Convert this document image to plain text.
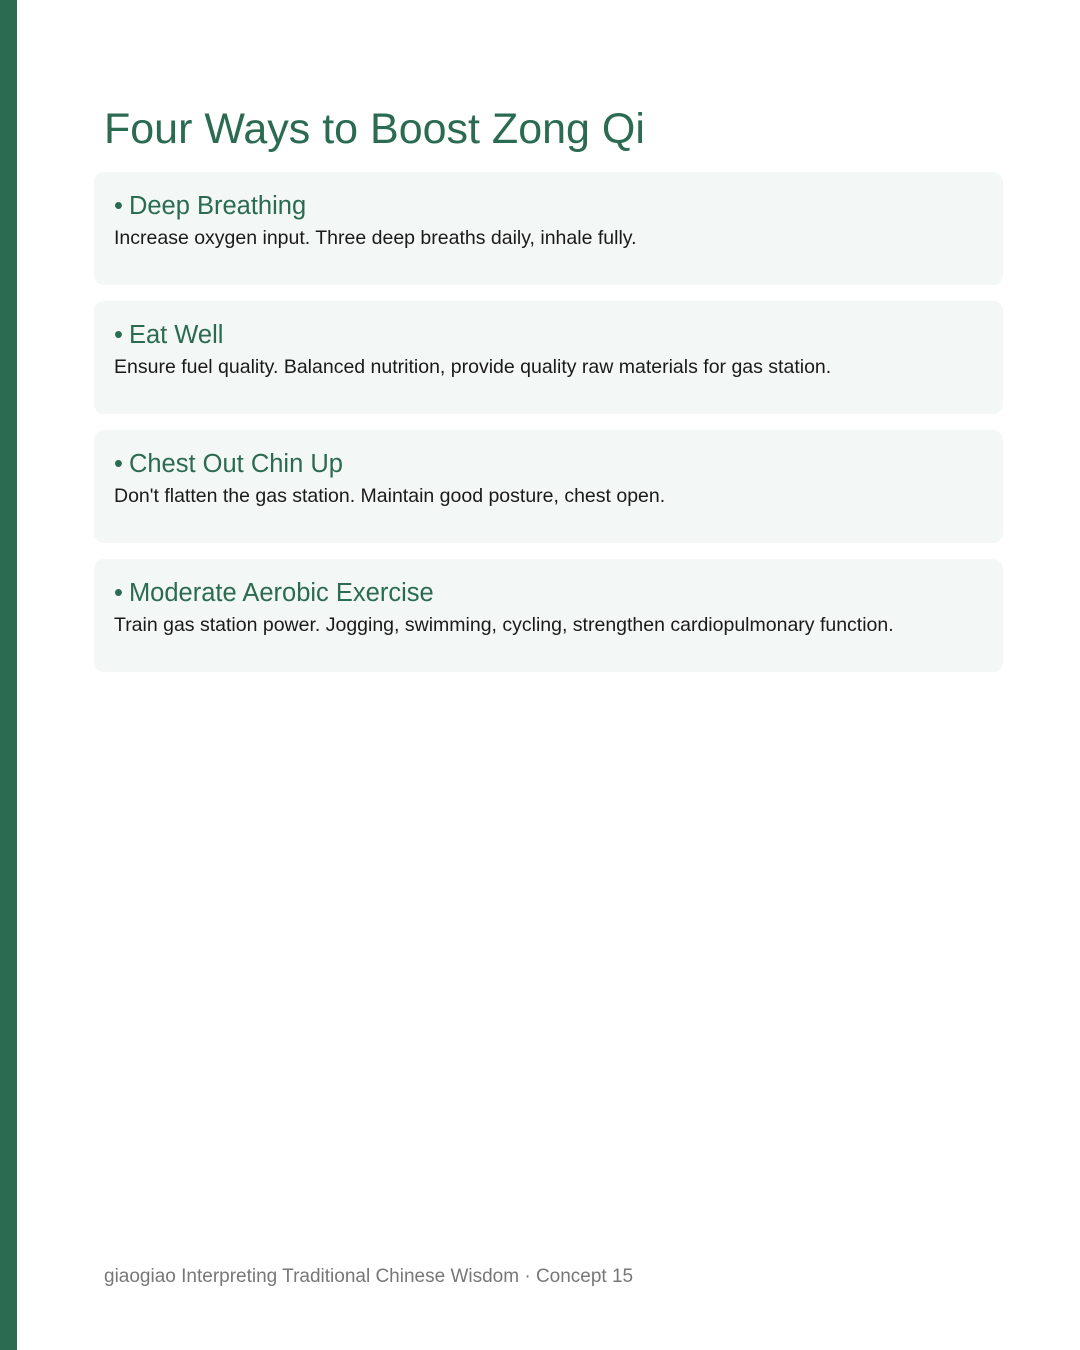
Four Ways to Boost Zong Qi
• Deep Breathing

Increase oxygen input. Three deep breaths daily, inhale fully.

• Eat Well

Ensure fuel quality. Balanced nutrition, provide quality raw materials for gas station.

• Chest Out Chin Up

Don't flatten the gas station. Maintain good posture, chest open.

• Moderate Aerobic Exercise

Train gas station power. Jogging, swimming, cycling, strengthen cardiopulmonary function.

giaogiao Interpreting Traditional Chinese Wisdom · Concept 15
